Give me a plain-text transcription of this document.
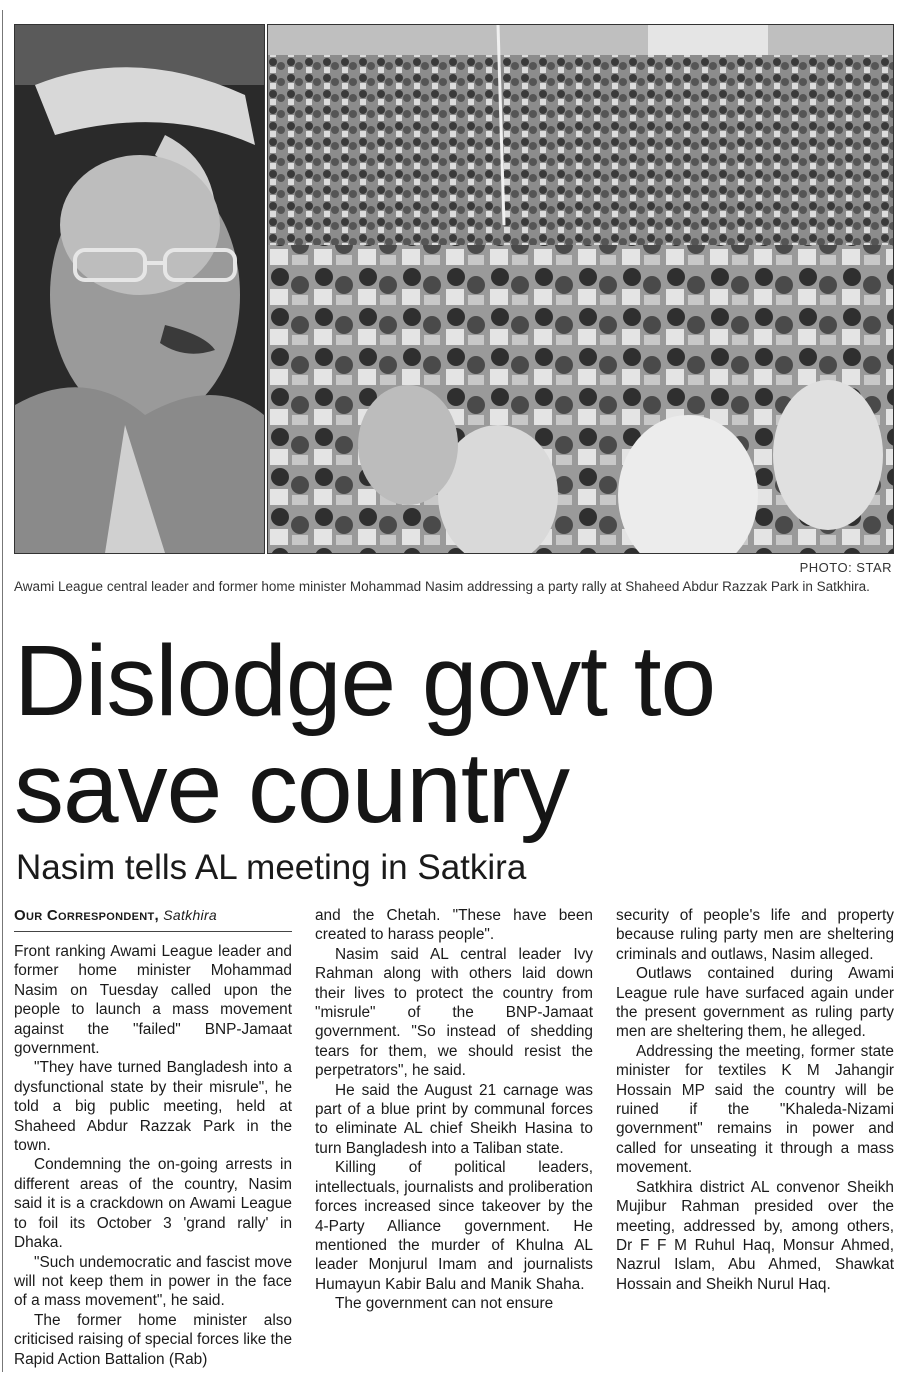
PHOTO: STAR
Awami League central leader and former home minister Mohammad Nasim addressing a party rally at Shaheed Abdur Razzak Park in Satkhira.
Dislodge govt to
save country
Nasim tells AL meeting in Satkira
Our Correspondent, Satkhira

Front ranking Awami League leader and former home minister Mohammad Nasim on Tuesday called upon the people to launch a mass movement against the "failed" BNP-Jamaat government.

"They have turned Bangladesh into a dysfunctional state by their misrule", he told a big public meeting, held at Shaheed Abdur Razzak Park in the town.

Condemning the on-going arrests in different areas of the country, Nasim said it is a crackdown on Awami League to foil its October 3 'grand rally' in Dhaka.

"Such undemocratic and fascist move will not keep them in power in the face of a mass movement", he said.

The former home minister also criticised raising of special forces like the Rapid Action Battalion (Rab)

and the Chetah. "These have been created to harass people".

Nasim said AL central leader Ivy Rahman along with others laid down their lives to protect the country from "misrule" of the BNP-Jamaat government. "So instead of shedding tears for them, we should resist the perpetrators", he said.

He said the August 21 carnage was part of a blue print by communal forces to eliminate AL chief Sheikh Hasina to turn Bangladesh into a Taliban state.

Killing of political leaders, intellectuals, journalists and proliberation forces increased since takeover by the 4-Party Alliance government. He mentioned the murder of Khulna AL leader Monjurul Imam and journalists Humayun Kabir Balu and Manik Shaha.

The government can not ensure

security of people's life and property because ruling party men are sheltering criminals and outlaws, Nasim alleged.

Outlaws contained during Awami League rule have surfaced again under the present government as ruling party men are sheltering them, he alleged.

Addressing the meeting, former state minister for textiles K M Jahangir Hossain MP said the country will be ruined if the "Khaleda-Nizami government" remains in power and called for unseating it through a mass movement.

Satkhira district AL convenor Sheikh Mujibur Rahman presided over the meeting, addressed by, among others, Dr F F M Ruhul Haq, Monsur Ahmed, Nazrul Islam, Abu Ahmed, Shawkat Hossain and Sheikh Nurul Haq.
